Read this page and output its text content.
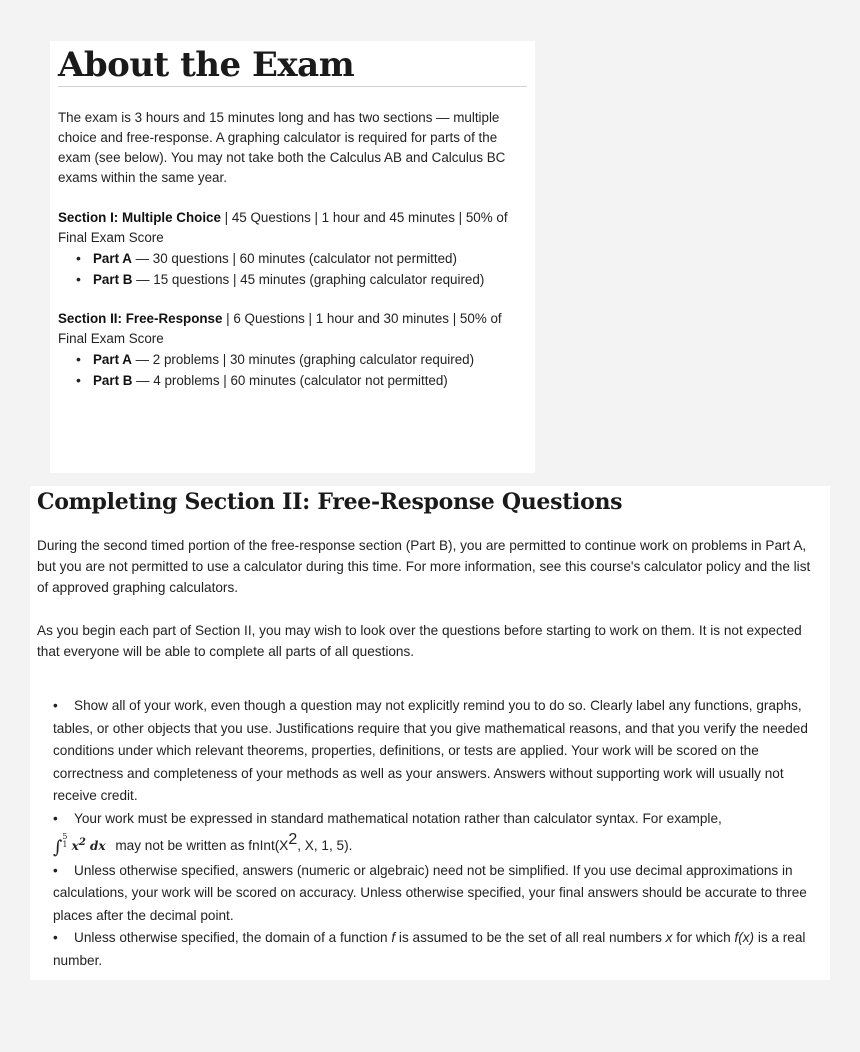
About the Exam

The exam is 3 hours and 15 minutes long and has two sections — multiple choice and free-response. A graphing calculator is required for parts of the exam (see below). You may not take both the Calculus AB and Calculus BC exams within the same year.

Section I: Multiple Choice | 45 Questions | 1 hour and 45 minutes | 50% of Final Exam Score

• Part A — 30 questions | 60 minutes (calculator not permitted)
• Part B — 15 questions | 45 minutes (graphing calculator required)

Section II: Free-Response | 6 Questions | 1 hour and 30 minutes | 50% of Final Exam Score

• Part A — 2 problems | 30 minutes (graphing calculator required)
• Part B — 4 problems | 60 minutes (calculator not permitted)
Completing Section II: Free-Response Questions

During the second timed portion of the free-response section (Part B), you are permitted to continue work on problems in Part A, but you are not permitted to use a calculator during this time. For more information, see this course's calculator policy and the list of approved graphing calculators.

As you begin each part of Section II, you may wish to look over the questions before starting to work on them. It is not expected that everyone will be able to complete all parts of all questions.

• Show all of your work, even though a question may not explicitly remind you to do so. Clearly label any functions, graphs, tables, or other objects that you use. Justifications require that you give mathematical reasons, and that you verify the needed conditions under which relevant theorems, properties, definitions, or tests are applied. Your work will be scored on the correctness and completeness of your methods as well as your answers. Answers without supporting work will usually not receive credit.
• Your work must be expressed in standard mathematical notation rather than calculator syntax. For example,
∫5
1 $x^2$ dx may not be written as $fnInt(X^2$, X, 1, 5).
• Unless otherwise specified, answers (numeric or algebraic) need not be simplified. If you use decimal approximations in calculations, your work will be scored on accuracy. Unless otherwise specified, your final answers should be accurate to three places after the decimal point.
• Unless otherwise specified, the domain of a function f is assumed to be the set of all real numbers x for which f(x) is a real number.
